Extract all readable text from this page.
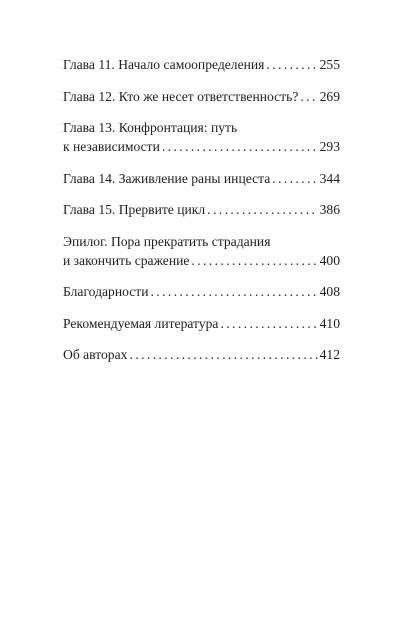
Глава 11. Начало самоопределения . . .	255
Глава 12. Кто же несет ответственность? . . . 269
Глава 13. Конфронтация: путь
к независимости . . .	293
Глава 14. Заживление раны инцеста . . .	344
Глава 15. Прервите цикл . . .	386
Эпилог. Пора прекратить страдания
и закончить сражение . . .	400
Благодарности . . .	408
Рекомендуемая литература . . .	410
Об авторах . . .	412
